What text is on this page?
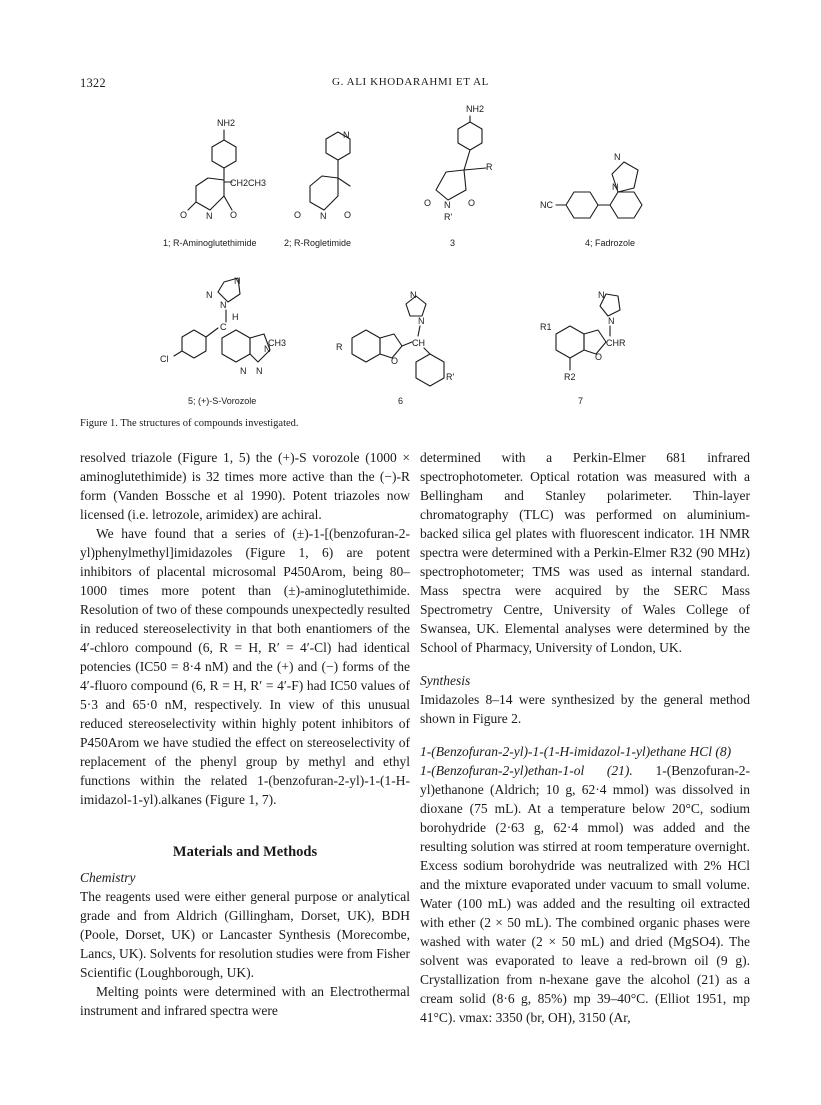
1322	G. ALI KHODARAHMI ET AL
NH2
CH2CH3
O N O
1; R-Aminoglutethimide
N
O N O
2; R-Rogletimide
NH2
R
O N O
R'
3
NC
N
N
4; Fadrozole
N
N
N
C
H
Cl
N
CH3
N N
5; (+)-S-Vorozole
N
N
CH
O
R
R'
6
N
N
CHR
O
R1
R2
7
Figure 1. The structures of compounds investigated.

resolved triazole (Figure 1, 5) the (+)-S vorozole (1000 × aminoglutethimide) is 32 times more active than the (−)-R form (Vanden Bossche et al 1990). Potent triazoles now licensed (i.e. letrozole, arimidex) are achiral.

We have found that a series of (±)-1-[(benzofuran-2-yl)phenylmethyl]imidazoles (Figure 1, 6) are potent inhibitors of placental microsomal P450Arom, being 80–1000 times more potent than (±)-aminoglutethimide. Resolution of two of these compounds unexpectedly resulted in reduced stereoselectivity in that both enantiomers of the 4′-chloro compound (6, R = H, R′ = 4′-Cl) had identical potencies (IC50 = 8·4 nM) and the (+) and (−) forms of the 4′-fluoro compound (6, R = H, R′ = 4′-F) had IC50 values of 5·3 and 65·0 nM, respectively. In view of this unusual reduced stereoselectivity within highly potent inhibitors of P450Arom we have studied the effect on stereoselectivity of replacement of the phenyl group by methyl and ethyl functions within the related 1-(benzofuran-2-yl)-1-(1-H-imidazol-1-yl).alkanes (Figure 1, 7).

Materials and Methods

Chemistry

The reagents used were either general purpose or analytical grade and from Aldrich (Gillingham, Dorset, UK), BDH (Poole, Dorset, UK) or Lancaster Synthesis (Morecombe, Lancs, UK). Solvents for resolution studies were from Fisher Scientific (Loughborough, UK).

Melting points were determined with an Electrothermal instrument and infrared spectra were

determined with a Perkin-Elmer 681 infrared spectrophotometer. Optical rotation was measured with a Bellingham and Stanley polarimeter. Thin-layer chromatography (TLC) was performed on aluminium-backed silica gel plates with fluorescent indicator. 1H NMR spectra were determined with a Perkin-Elmer R32 (90 MHz) spectrophotometer; TMS was used as internal standard. Mass spectra were acquired by the SERC Mass Spectrometry Centre, University of Wales College of Swansea, UK. Elemental analyses were determined by the School of Pharmacy, University of London, UK.

Synthesis

Imidazoles 8–14 were synthesized by the general method shown in Figure 2.

1-(Benzofuran-2-yl)-1-(1-H-imidazol-1-yl)ethane HCl (8)

1-(Benzofuran-2-yl)ethan-1-ol (21). 1-(Benzofuran-2-yl)ethanone (Aldrich; 10 g, 62·4 mmol) was dissolved in dioxane (75 mL). At a temperature below 20°C, sodium borohydride (2·63 g, 62·4 mmol) was added and the resulting solution was stirred at room temperature overnight. Excess sodium borohydride was neutralized with 2% HCl and the mixture evaporated under vacuum to small volume. Water (100 mL) was added and the resulting oil extracted with ether (2 × 50 mL). The combined organic phases were washed with water (2 × 50 mL) and dried (MgSO4). The solvent was evaporated to leave a red-brown oil (9 g). Crystallization from n-hexane gave the alcohol (21) as a cream solid (8·6 g, 85%) mp 39–40°C. (Elliot 1951, mp 41°C). νmax: 3350 (br, OH), 3150 (Ar,
